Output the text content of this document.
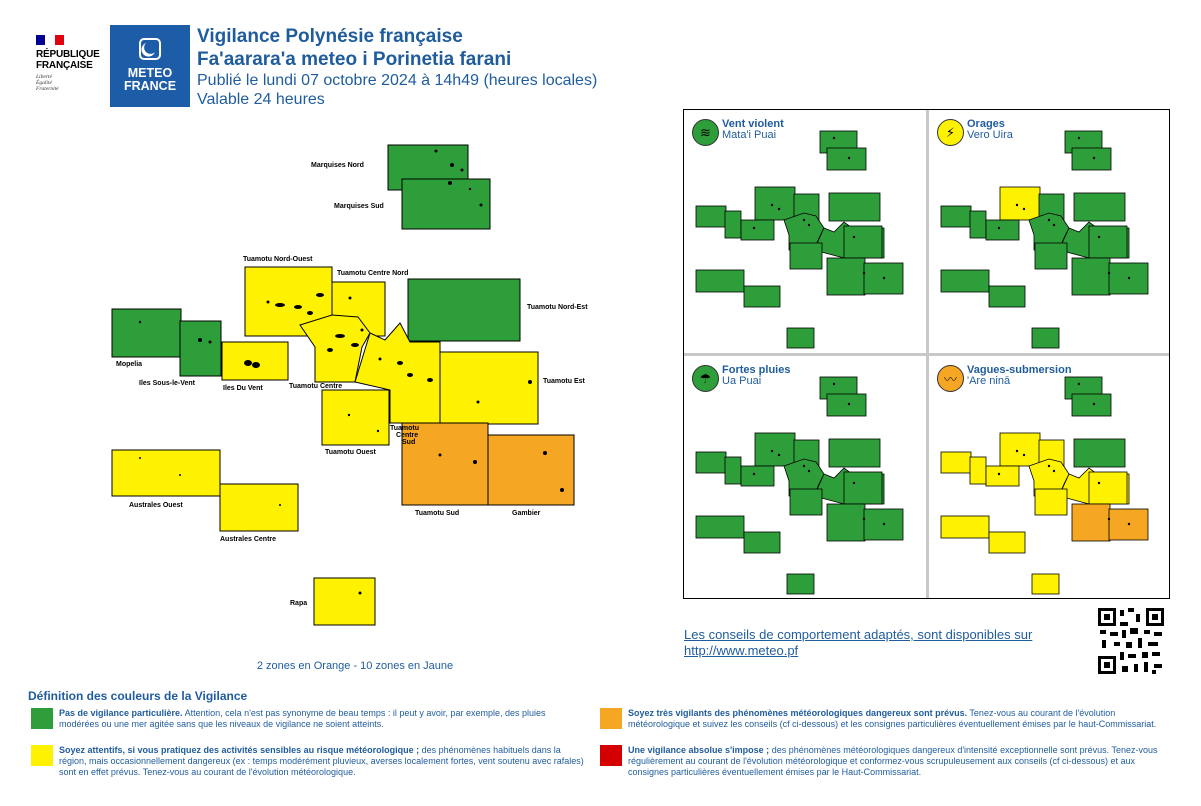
RÉPUBLIQUE
FRANÇAISE
Liberté
Égalité
Fraternité
METEO
FRANCE
Vigilance Polynésie française
Fa'aarara'a meteo i Porinetia farani
Publié le lundi 07 octobre 2024 à 14h49 (heures locales)
Valable 24 heures
Marquises Nord
Marquises Sud
Tuamotu Nord-Ouest
Tuamotu Centre Nord
Tuamotu Nord-Est
Mopelia
Iles Sous-le-Vent
Iles Du Vent	Tuamotu Centre
Tuamotu Est
Tuamotu Ouest
Tuamotu
Centre
Sud
Tuamotu Sud	Gambier
Australes Ouest
Australes Centre
Rapa
2 zones en Orange - 10 zones en Jaune
≋
Vent violent
Mata'i Puai	⚡
Orages
Vero Uira
☂
Fortes pluies
Ua Puai	〰
Vagues-submersion
'Are ninā
Les conseils de comportement adaptés, sont disponibles sur
http://www.meteo.pf
Définition des couleurs de la Vigilance
Pas de vigilance particulière. Attention, cela n'est pas synonyme de beau temps : il peut y avoir, par exemple, des pluies modérées ou une mer agitée sans que les niveaux de vigilance ne soient atteints.
Soyez attentifs, si vous pratiquez des activités sensibles au risque météorologique ; des phénomènes habituels dans la région, mais occasionnellement dangereux (ex : temps modérément pluvieux, averses localement fortes, vent soutenu avec rafales) sont en effet prévus. Tenez-vous au courant de l'évolution météorologique.
Soyez très vigilants des phénomènes météorologiques dangereux sont prévus. Tenez-vous au courant de l'évolution météorologique et suivez les conseils (cf ci-dessous) et les consignes particulières éventuellement émises par le haut-Commissariat.
Une vigilance absolue s'impose ; des phénomènes météorologiques dangereux d'intensité exceptionnelle sont prévus. Tenez-vous régulièrement au courant de l'évolution météorologique et conformez-vous scrupuleusement aux conseils (cf ci-dessous) et aux consignes particulières éventuellement émises par le Haut-Commissariat.
